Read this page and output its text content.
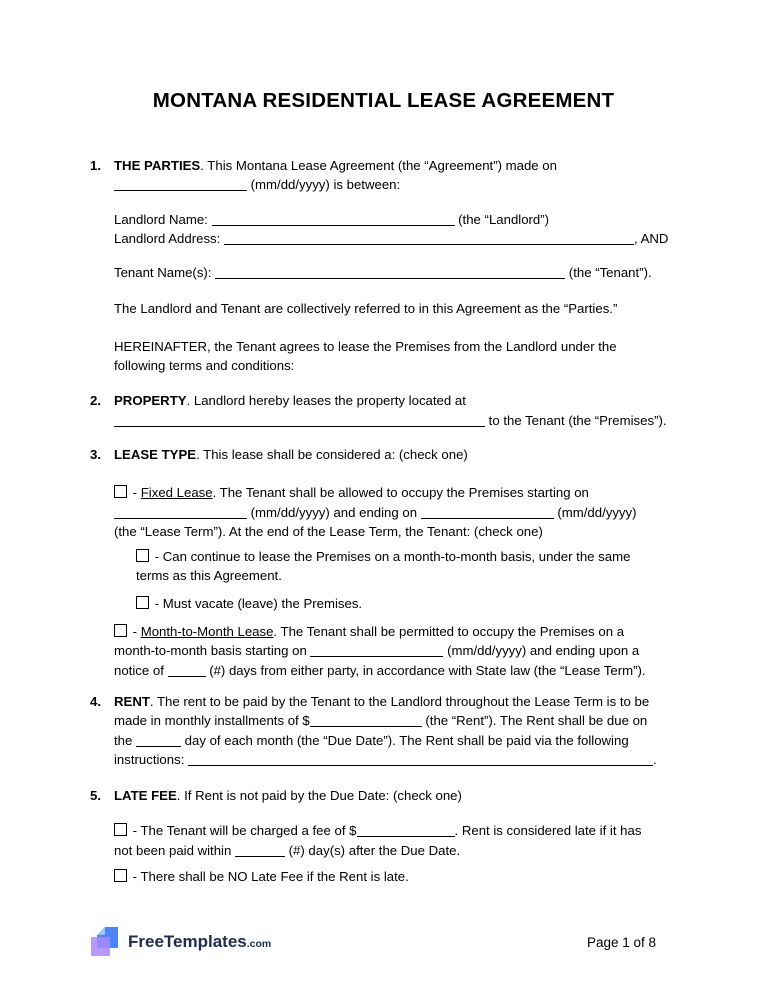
MONTANA RESIDENTIAL LEASE AGREEMENT
1. THE PARTIES. This Montana Lease Agreement (the “Agreement”) made on
(mm/dd/yyyy) is between:
Landlord Name:	(the “Landlord”)
Landlord Address:	, AND
Tenant Name(s):	(the “Tenant”).
The Landlord and Tenant are collectively referred to in this Agreement as the “Parties.”
HEREINAFTER, the Tenant agrees to lease the Premises from the Landlord under the
following terms and conditions:
2. PROPERTY. Landlord hereby leases the property located at
to the Tenant (the “Premises”).
3. LEASE TYPE. This lease shall be considered a: (check one)
- Fixed Lease. The Tenant shall be allowed to occupy the Premises starting on
(mm/dd/yyyy) and ending on	(mm/dd/yyyy)
(the “Lease Term”). At the end of the Lease Term, the Tenant: (check one)
- Can continue to lease the Premises on a month-to-month basis, under the same
terms as this Agreement.
- Must vacate (leave) the Premises.
- Month-to-Month Lease. The Tenant shall be permitted to occupy the Premises on a
month-to-month basis starting on	(mm/dd/yyyy) and ending upon a
notice of	(#) days from either party, in accordance with State law (the “Lease Term”).
4. RENT. The rent to be paid by the Tenant to the Landlord throughout the Lease Term is to be
made in monthly installments of $	(the “Rent”). The Rent shall be due on
the	day of each month (the “Due Date”). The Rent shall be paid via the following
instructions:	.
5. LATE FEE. If Rent is not paid by the Due Date: (check one)
- The Tenant will be charged a fee of $	. Rent is considered late if it has
not been paid within	(#) day(s) after the Due Date.
- There shall be NO Late Fee if the Rent is late.
FreeTemplates.com	Page 1 of 8
